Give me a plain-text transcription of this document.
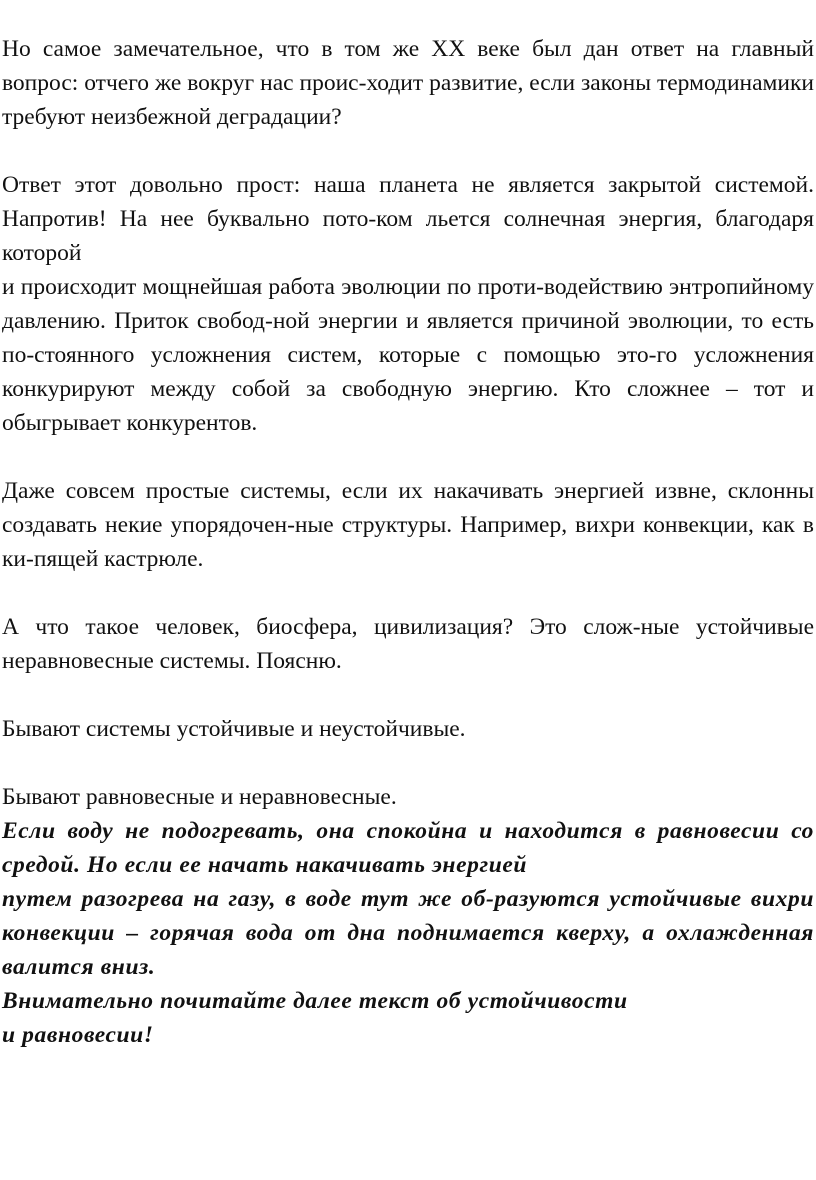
Но самое замечательное, что в том же XX веке был дан ответ на главный вопрос: отчего же вокруг нас проис-ходит развитие, если законы термодинамики требуют неизбежной деградации?

Ответ этот довольно прост: наша планета не является закрытой системой. Напротив! На нее буквально пото-ком льется солнечная энергия, благодаря которой

и происходит мощнейшая работа эволюции по проти-водействию энтропийному давлению. Приток свобод-ной энергии и является причиной эволюции, то есть по-стоянного усложнения систем, которые с помощью это-го усложнения конкурируют между собой за свободную энергию. Кто сложнее – тот и обыгрывает конкурентов.

Даже совсем простые системы, если их накачивать энергией извне, склонны создавать некие упорядочен-ные структуры. Например, вихри конвекции, как в ки-пящей кастрюле.

А что такое человек, биосфера, цивилизация? Это слож-ные устойчивые неравновесные системы. Поясню.

Бывают системы устойчивые и неустойчивые.

Бывают равновесные и неравновесные.

Если воду не подогревать, она спокойна и находится в равновесии со средой. Но если ее начать накачивать энергией

путем разогрева на газу, в воде тут же об-разуются устойчивые вихри конвекции – горячая вода от дна поднимается кверху, а охлажденная валится вниз.

Внимательно почитайте далее текст об устойчивости

и равновесии!
